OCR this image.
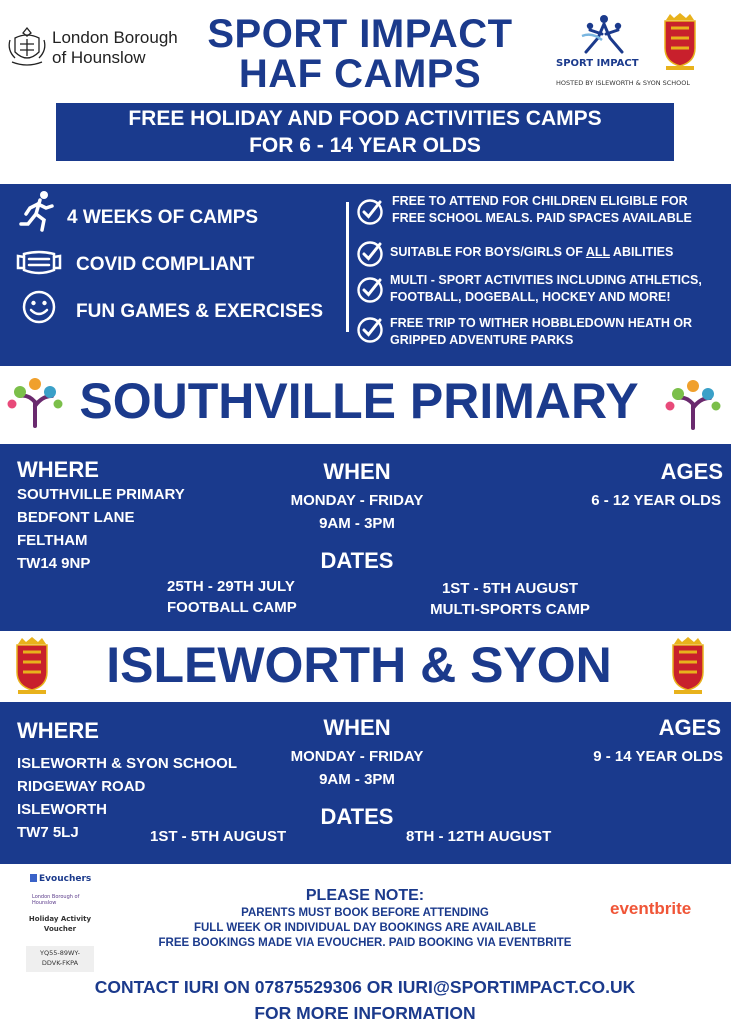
London Borough
of Hounslow
SPORT IMPACT
HAF CAMPS	SPORT IMPACT
HOSTED BY ISLEWORTH & SYON SCHOOL
FREE HOLIDAY AND FOOD ACTIVITIES CAMPS
FOR 6 - 14 YEAR OLDS
4 WEEKS OF CAMPS
COVID COMPLIANT
FUN GAMES & EXERCISES
FREE TO ATTEND FOR CHILDREN ELIGIBLE FOR
FREE SCHOOL MEALS. PAID SPACES AVAILABLE
SUITABLE FOR BOYS/GIRLS OF ALL ABILITIES
MULTI - SPORT ACTIVITIES INCLUDING ATHLETICS,
FOOTBALL, DOGEBALL, HOCKEY AND MORE!
FREE TRIP TO WITHER HOBBLEDOWN HEATH OR
GRIPPED ADVENTURE PARKS
SOUTHVILLE PRIMARY
WHERE
SOUTHVILLE PRIMARY
BEDFONT LANE
FELTHAM
TW14 9NP
WHEN
MONDAY - FRIDAY
9AM - 3PM
AGES
6 - 12 YEAR OLDS
DATES
25TH - 29TH JULY
FOOTBALL CAMP
1ST - 5TH AUGUST
MULTI-SPORTS CAMP
ISLEWORTH & SYON
WHERE
ISLEWORTH & SYON SCHOOL
RIDGEWAY ROAD
ISLEWORTH
TW7 5LJ
WHEN
MONDAY - FRIDAY
9AM - 3PM
AGES
9 - 14 YEAR OLDS
DATES
1ST - 5TH AUGUST	8TH - 12TH AUGUST
Evouchers
London Borough of Hounslow
Holiday Activity
Voucher
YQ55-89WY-
DDVK-FKPA
PLEASE NOTE:
PARENTS MUST BOOK BEFORE ATTENDING
FULL WEEK OR INDIVIDUAL DAY BOOKINGS ARE AVAILABLE
FREE BOOKINGS MADE VIA EVOUCHER. PAID BOOKING VIA EVENTBRITE
eventbrite
CONTACT IURI ON 07875529306 OR IURI@SPORTIMPACT.CO.UK
FOR MORE INFORMATION
